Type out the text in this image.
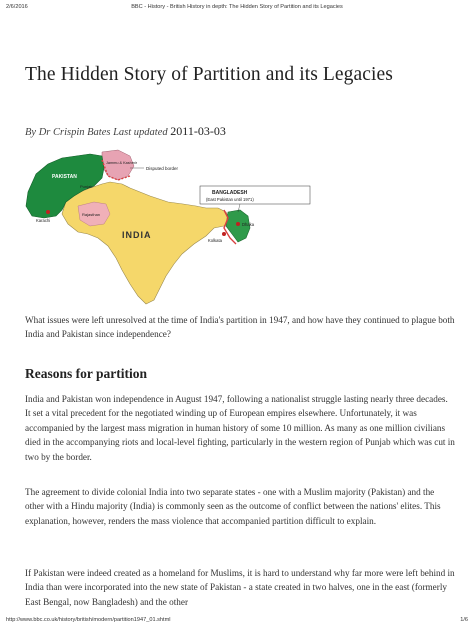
2/6/2016	BBC - History - British History in depth: The Hidden Story of Partition and its Legacies
The Hidden Story of Partition and its Legacies

By Dr Crispin Bates Last updated 2011-03-03

PAKISTAN
Jammu & Kashmir
Disputed border
Punjab
BANGLADESH
(East Pakistan until 1971)
INDIA
Karachi
Rajasthan
Dhaka
Kolkata

What issues were left unresolved at the time of India's partition in 1947, and how have they continued to plague both India and Pakistan since independence?

Reasons for partition

India and Pakistan won independence in August 1947, following a nationalist struggle lasting nearly three decades. It set a vital precedent for the negotiated winding up of European empires elsewhere. Unfortunately, it was accompanied by the largest mass migration in human history of some 10 million. As many as one million civilians died in the accompanying riots and local-level fighting, particularly in the western region of Punjab which was cut in two by the border.

The agreement to divide colonial India into two separate states - one with a Muslim majority (Pakistan) and the other with a Hindu majority (India) is commonly seen as the outcome of conflict between the nations' elites. This explanation, however, renders the mass violence that accompanied partition difficult to explain.

If Pakistan were indeed created as a homeland for Muslims, it is hard to understand why far more were left behind in India than were incorporated into the new state of Pakistan - a state created in two halves, one in the east (formerly East Bengal, now Bangladesh) and the other

http://www.bbc.co.uk/history/british/modern/partition1947_01.shtml	1/6
